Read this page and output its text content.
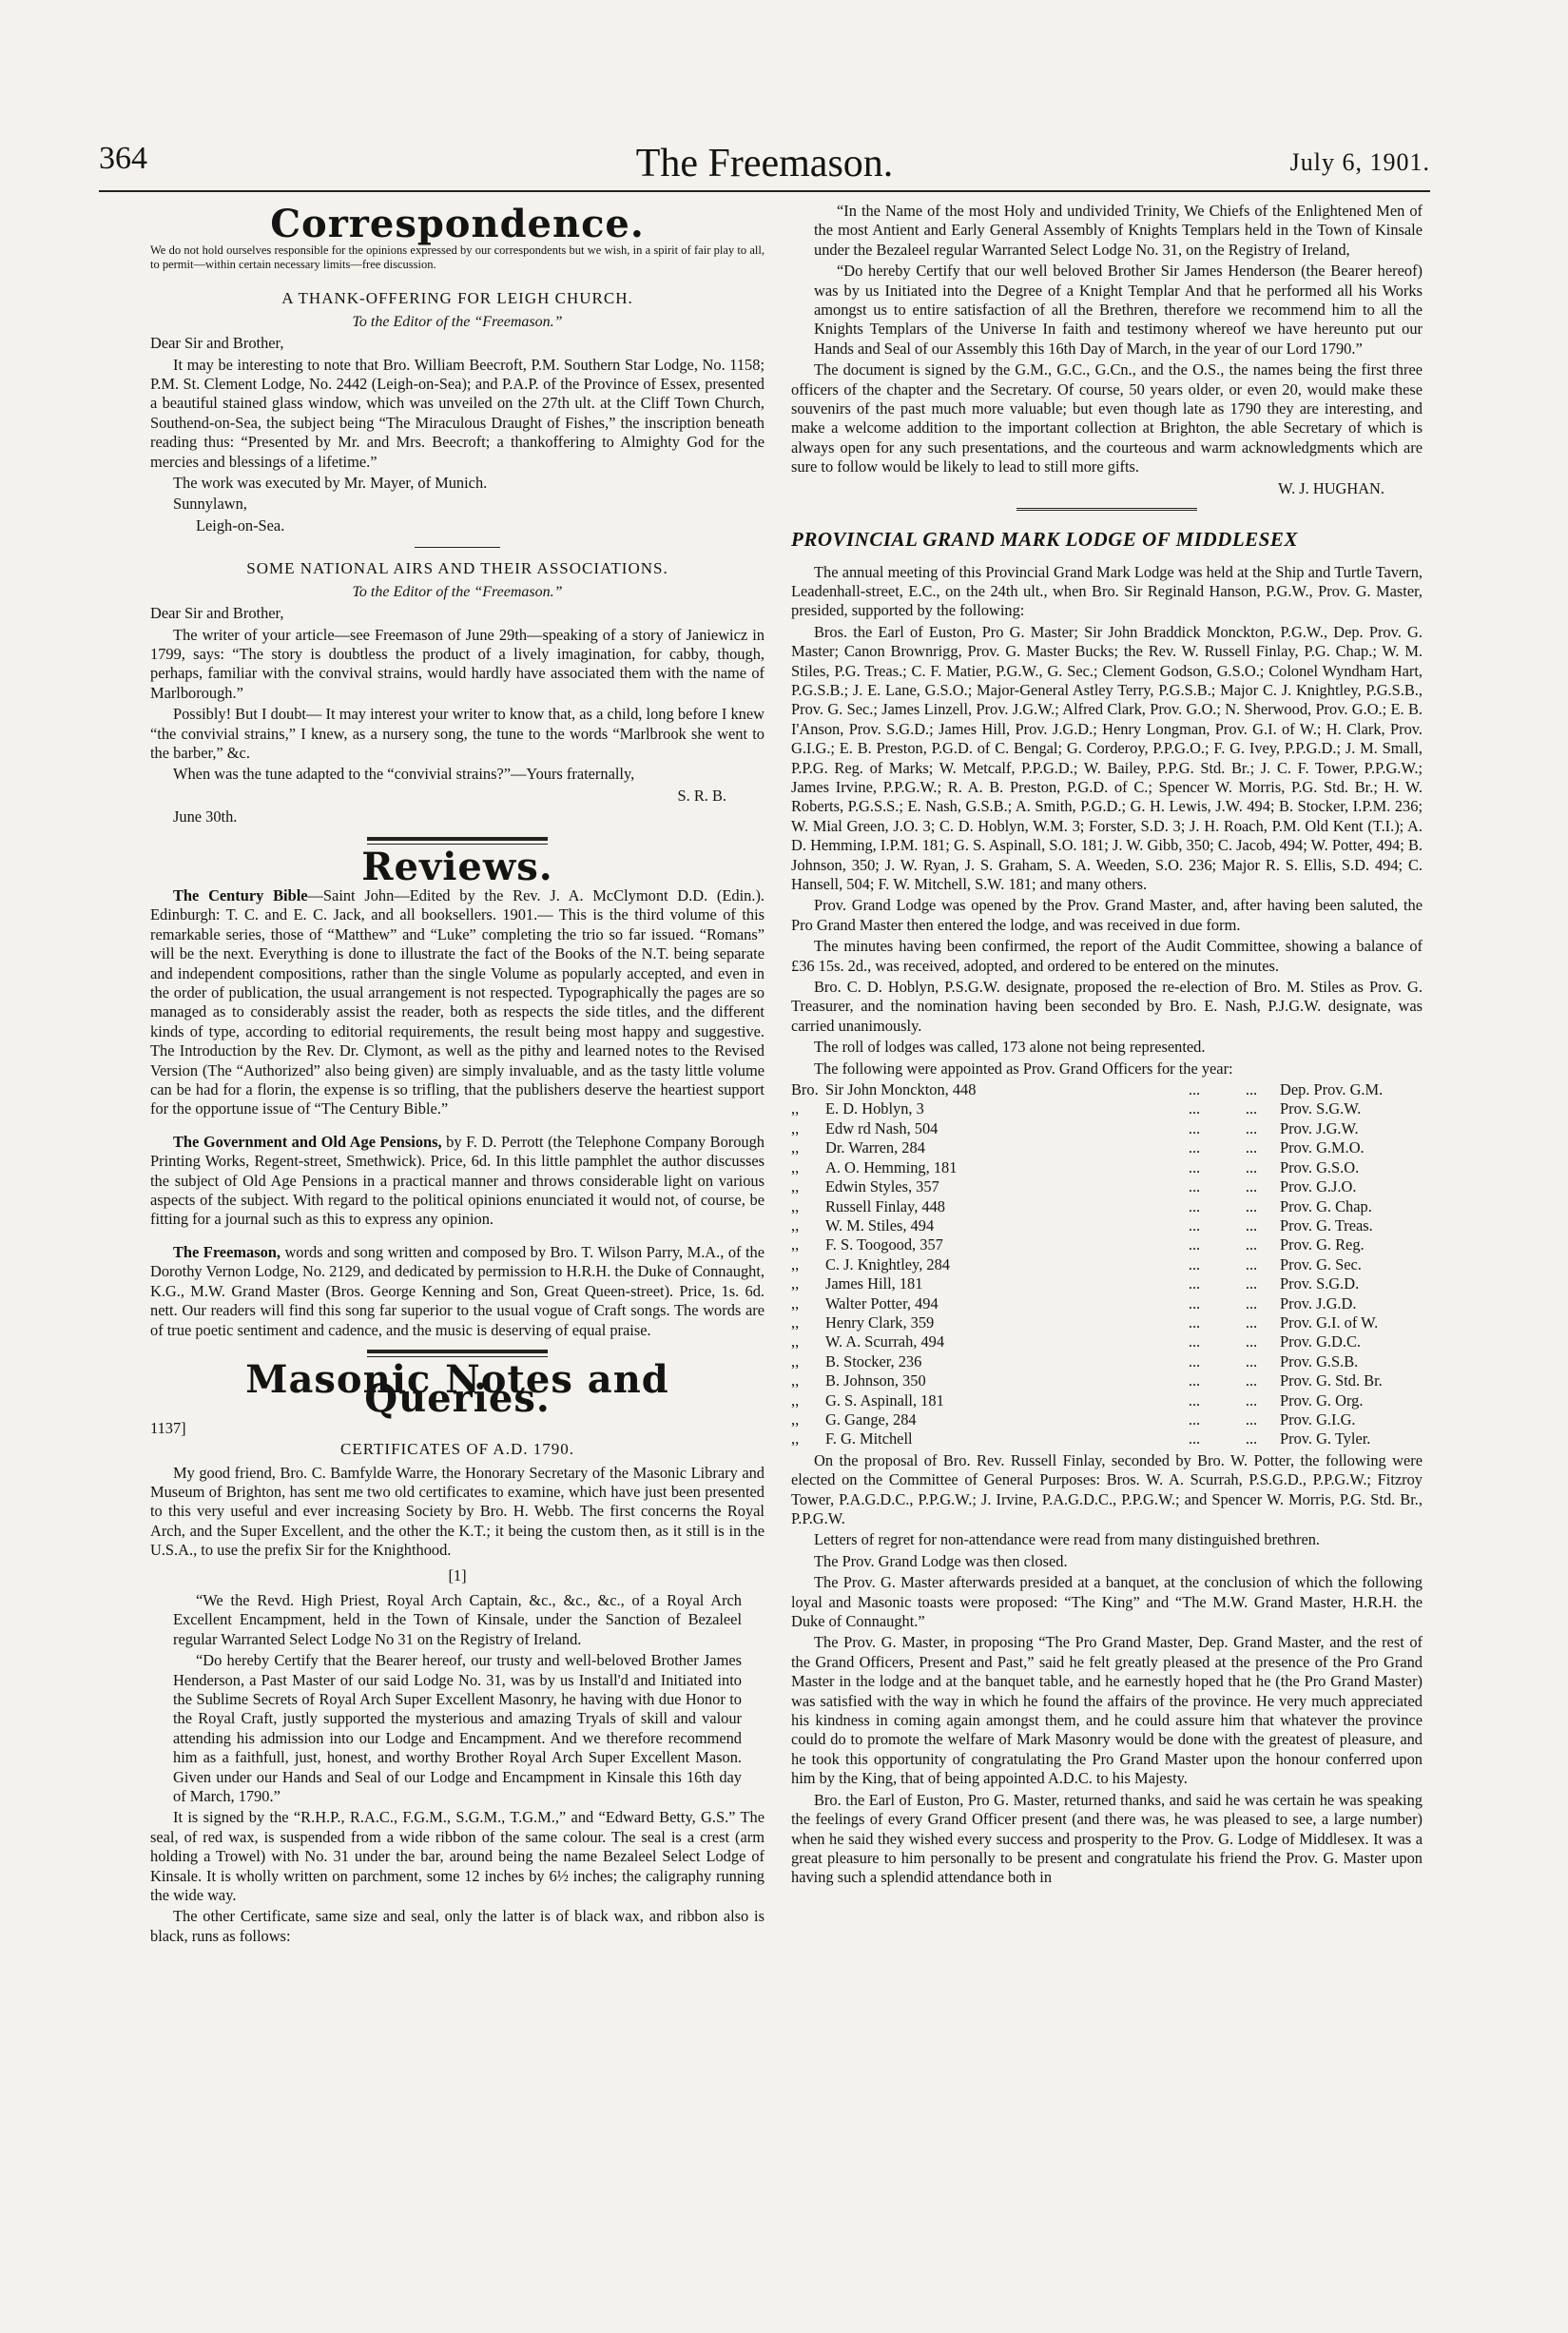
The Freemason.
364	July 6, 1901.
Correspondence.

We do not hold ourselves responsible for the opinions expressed by our correspondents but we wish, in a spirit of fair play to all, to permit—within certain necessary limits—free discussion.

A THANK-OFFERING FOR LEIGH CHURCH.
To the Editor of the “Freemason.”

Dear Sir and Brother,

It may be interesting to note that Bro. William Beecroft, P.M. Southern Star Lodge, No. 1158; P.M. St. Clement Lodge, No. 2442 (Leigh-on-Sea); and P.A.P. of the Province of Essex, presented a beautiful stained glass window, which was unveiled on the 27th ult. at the Cliff Town Church, Southend-on-Sea, the subject being “The Miraculous Draught of Fishes,” the inscription beneath reading thus: “Presented by Mr. and Mrs. Beecroft; a thankoffering to Almighty God for the mercies and blessings of a lifetime.”

The work was executed by Mr. Mayer, of Munich.

Sunnylawn,

Leigh-on-Sea.

SOME NATIONAL AIRS AND THEIR ASSOCIATIONS.
To the Editor of the “Freemason.”

Dear Sir and Brother,

The writer of your article—see Freemason of June 29th—speaking of a story of Janiewicz in 1799, says: “The story is doubtless the product of a lively imagination, for cabby, though, perhaps, familiar with the convival strains, would hardly have associated them with the name of Marlborough.”

Possibly! But I doubt— It may interest your writer to know that, as a child, long before I knew “the convivial strains,” I knew, as a nursery song, the tune to the words “Marlbrook she went to the barber,” &c.

When was the tune adapted to the “convivial strains?”—Yours fraternally,

S. R. B.

June 30th.

Reviews.

The Century Bible—Saint John—Edited by the Rev. J. A. McClymont D.D. (Edin.). Edinburgh: T. C. and E. C. Jack, and all booksellers. 1901.— This is the third volume of this remarkable series, those of “Matthew” and “Luke” completing the trio so far issued. “Romans” will be the next. Everything is done to illustrate the fact of the Books of the N.T. being separate and independent compositions, rather than the single Volume as popularly accepted, and even in the order of publication, the usual arrangement is not respected. Typographically the pages are so managed as to considerably assist the reader, both as respects the side titles, and the different kinds of type, according to editorial requirements, the result being most happy and suggestive. The Introduction by the Rev. Dr. Clymont, as well as the pithy and learned notes to the Revised Version (The “Authorized” also being given) are simply invaluable, and as the tasty little volume can be had for a florin, the expense is so trifling, that the publishers deserve the heartiest support for the opportune issue of “The Century Bible.”

The Government and Old Age Pensions, by F. D. Perrott (the Telephone Company Borough Printing Works, Regent-street, Smethwick). Price, 6d. In this little pamphlet the author discusses the subject of Old Age Pensions in a practical manner and throws considerable light on various aspects of the subject. With regard to the political opinions enunciated it would not, of course, be fitting for a journal such as this to express any opinion.

The Freemason, words and song written and composed by Bro. T. Wilson Parry, M.A., of the Dorothy Vernon Lodge, No. 2129, and dedicated by permission to H.R.H. the Duke of Connaught, K.G., M.W. Grand Master (Bros. George Kenning and Son, Great Queen-street). Price, 1s. 6d. nett. Our readers will find this song far superior to the usual vogue of Craft songs. The words are of true poetic sentiment and cadence, and the music is deserving of equal praise.

Masonic Notes and Queries.

1137]

CERTIFICATES OF A.D. 1790.

My good friend, Bro. C. Bamfylde Warre, the Honorary Secretary of the Masonic Library and Museum of Brighton, has sent me two old certificates to examine, which have just been presented to this very useful and ever increasing Society by Bro. H. Webb. The first concerns the Royal Arch, and the Super Excellent, and the other the K.T.; it being the custom then, as it still is in the U.S.A., to use the prefix Sir for the Knighthood.

[1]

“We the Revd. High Priest, Royal Arch Captain, &c., &c., &c., of a Royal Arch Excellent Encampment, held in the Town of Kinsale, under the Sanction of Bezaleel regular Warranted Select Lodge No 31 on the Registry of Ireland.

“Do hereby Certify that the Bearer hereof, our trusty and well-beloved Brother James Henderson, a Past Master of our said Lodge No. 31, was by us Install'd and Initiated into the Sublime Secrets of Royal Arch Super Excellent Masonry, he having with due Honor to the Royal Craft, justly supported the mysterious and amazing Tryals of skill and valour attending his admission into our Lodge and Encampment. And we therefore recommend him as a faithfull, just, honest, and worthy Brother Royal Arch Super Excellent Mason. Given under our Hands and Seal of our Lodge and Encampment in Kinsale this 16th day of March, 1790.”

It is signed by the “R.H.P., R.A.C., F.G.M., S.G.M., T.G.M.,” and “Edward Betty, G.S.” The seal, of red wax, is suspended from a wide ribbon of the same colour. The seal is a crest (arm holding a Trowel) with No. 31 under the bar, around being the name Bezaleel Select Lodge of Kinsale. It is wholly written on parchment, some 12 inches by 6½ inches; the caligraphy running the wide way.

The other Certificate, same size and seal, only the latter is of black wax, and ribbon also is black, runs as follows:

“In the Name of the most Holy and undivided Trinity, We Chiefs of the Enlightened Men of the most Antient and Early General Assembly of Knights Templars held in the Town of Kinsale under the Bezaleel regular Warranted Select Lodge No. 31, on the Registry of Ireland,

“Do hereby Certify that our well beloved Brother Sir James Henderson (the Bearer hereof) was by us Initiated into the Degree of a Knight Templar And that he performed all his Works amongst us to entire satisfaction of all the Brethren, therefore we recommend him to all the Knights Templars of the Universe In faith and testimony whereof we have hereunto put our Hands and Seal of our Assembly this 16th Day of March, in the year of our Lord 1790.”

The document is signed by the G.M., G.C., G.Cn., and the O.S., the names being the first three officers of the chapter and the Secretary. Of course, 50 years older, or even 20, would make these souvenirs of the past much more valuable; but even though late as 1790 they are interesting, and make a welcome addition to the important collection at Brighton, the able Secretary of which is always open for any such presentations, and the courteous and warm acknowledgments which are sure to follow would be likely to lead to still more gifts.

W. J. HUGHAN.

PROVINCIAL GRAND MARK LODGE OF MIDDLESEX

The annual meeting of this Provincial Grand Mark Lodge was held at the Ship and Turtle Tavern, Leadenhall-street, E.C., on the 24th ult., when Bro. Sir Reginald Hanson, P.G.W., Prov. G. Master, presided, supported by the following:

Bros. the Earl of Euston, Pro G. Master; Sir John Braddick Monckton, P.G.W., Dep. Prov. G. Master; Canon Brownrigg, Prov. G. Master Bucks; the Rev. W. Russell Finlay, P.G. Chap.; W. M. Stiles, P.G. Treas.; C. F. Matier, P.G.W., G. Sec.; Clement Godson, G.S.O.; Colonel Wyndham Hart, P.G.S.B.; J. E. Lane, G.S.O.; Major-General Astley Terry, P.G.S.B.; Major C. J. Knightley, P.G.S.B., Prov. G. Sec.; James Linzell, Prov. J.G.W.; Alfred Clark, Prov. G.O.; N. Sherwood, Prov. G.O.; E. B. I'Anson, Prov. S.G.D.; James Hill, Prov. J.G.D.; Henry Longman, Prov. G.I. of W.; H. Clark, Prov. G.I.G.; E. B. Preston, P.G.D. of C. Bengal; G. Corderoy, P.P.G.O.; F. G. Ivey, P.P.G.D.; J. M. Small, P.P.G. Reg. of Marks; W. Metcalf, P.P.G.D.; W. Bailey, P.P.G. Std. Br.; J. C. F. Tower, P.P.G.W.; James Irvine, P.P.G.W.; R. A. B. Preston, P.G.D. of C.; Spencer W. Morris, P.G. Std. Br.; H. W. Roberts, P.G.S.S.; E. Nash, G.S.B.; A. Smith, P.G.D.; G. H. Lewis, J.W. 494; B. Stocker, I.P.M. 236; W. Mial Green, J.O. 3; C. D. Hoblyn, W.M. 3; Forster, S.D. 3; J. H. Roach, P.M. Old Kent (T.I.); A. D. Hemming, I.P.M. 181; G. S. Aspinall, S.O. 181; J. W. Gibb, 350; C. Jacob, 494; W. Potter, 494; B. Johnson, 350; J. W. Ryan, J. S. Graham, S. A. Weeden, S.O. 236; Major R. S. Ellis, S.D. 494; C. Hansell, 504; F. W. Mitchell, S.W. 181; and many others.

Prov. Grand Lodge was opened by the Prov. Grand Master, and, after having been saluted, the Pro Grand Master then entered the lodge, and was received in due form.

The minutes having been confirmed, the report of the Audit Committee, showing a balance of £36 15s. 2d., was received, adopted, and ordered to be entered on the minutes.

Bro. C. D. Hoblyn, P.S.G.W. designate, proposed the re-election of Bro. M. Stiles as Prov. G. Treasurer, and the nomination having been seconded by Bro. E. Nash, P.J.G.W. designate, was carried unanimously.

The roll of lodges was called, 173 alone not being represented.

The following were appointed as Prov. Grand Officers for the year:

Bro.	Sir John Monckton, 448	...	...	Dep. Prov. G.M.
,,	E. D. Hoblyn, 3	...	...	Prov. S.G.W.
,,	Edw rd Nash, 504	...	...	Prov. J.G.W.
,,	Dr. Warren, 284	...	...	Prov. G.M.O.
,,	A. O. Hemming, 181	...	...	Prov. G.S.O.
,,	Edwin Styles, 357	...	...	Prov. G.J.O.
,,	Russell Finlay, 448	...	...	Prov. G. Chap.
,,	W. M. Stiles, 494	...	...	Prov. G. Treas.
,,	F. S. Toogood, 357	...	...	Prov. G. Reg.
,,	C. J. Knightley, 284	...	...	Prov. G. Sec.
,,	James Hill, 181	...	...	Prov. S.G.D.
,,	Walter Potter, 494	...	...	Prov. J.G.D.
,,	Henry Clark, 359	...	...	Prov. G.I. of W.
,,	W. A. Scurrah, 494	...	...	Prov. G.D.C.
,,	B. Stocker, 236	...	...	Prov. G.S.B.
,,	B. Johnson, 350	...	...	Prov. G. Std. Br.
,,	G. S. Aspinall, 181	...	...	Prov. G. Org.
,,	G. Gange, 284	...	...	Prov. G.I.G.
,,	F. G. Mitchell	...	...	Prov. G. Tyler.

On the proposal of Bro. Rev. Russell Finlay, seconded by Bro. W. Potter, the following were elected on the Committee of General Purposes: Bros. W. A. Scurrah, P.S.G.D., P.P.G.W.; Fitzroy Tower, P.A.G.D.C., P.P.G.W.; J. Irvine, P.A.G.D.C., P.P.G.W.; and Spencer W. Morris, P.G. Std. Br., P.P.G.W.

Letters of regret for non-attendance were read from many distinguished brethren.

The Prov. Grand Lodge was then closed.

The Prov. G. Master afterwards presided at a banquet, at the conclusion of which the following loyal and Masonic toasts were proposed: “The King” and “The M.W. Grand Master, H.R.H. the Duke of Connaught.”

The Prov. G. Master, in proposing “The Pro Grand Master, Dep. Grand Master, and the rest of the Grand Officers, Present and Past,” said he felt greatly pleased at the presence of the Pro Grand Master in the lodge and at the banquet table, and he earnestly hoped that he (the Pro Grand Master) was satisfied with the way in which he found the affairs of the province. He very much appreciated his kindness in coming again amongst them, and he could assure him that whatever the province could do to promote the welfare of Mark Masonry would be done with the greatest of pleasure, and he took this opportunity of congratulating the Pro Grand Master upon the honour conferred upon him by the King, that of being appointed A.D.C. to his Majesty.

Bro. the Earl of Euston, Pro G. Master, returned thanks, and said he was certain he was speaking the feelings of every Grand Officer present (and there was, he was pleased to see, a large number) when he said they wished every success and prosperity to the Prov. G. Lodge of Middlesex. It was a great pleasure to him personally to be present and congratulate his friend the Prov. G. Master upon having such a splendid attendance both in
